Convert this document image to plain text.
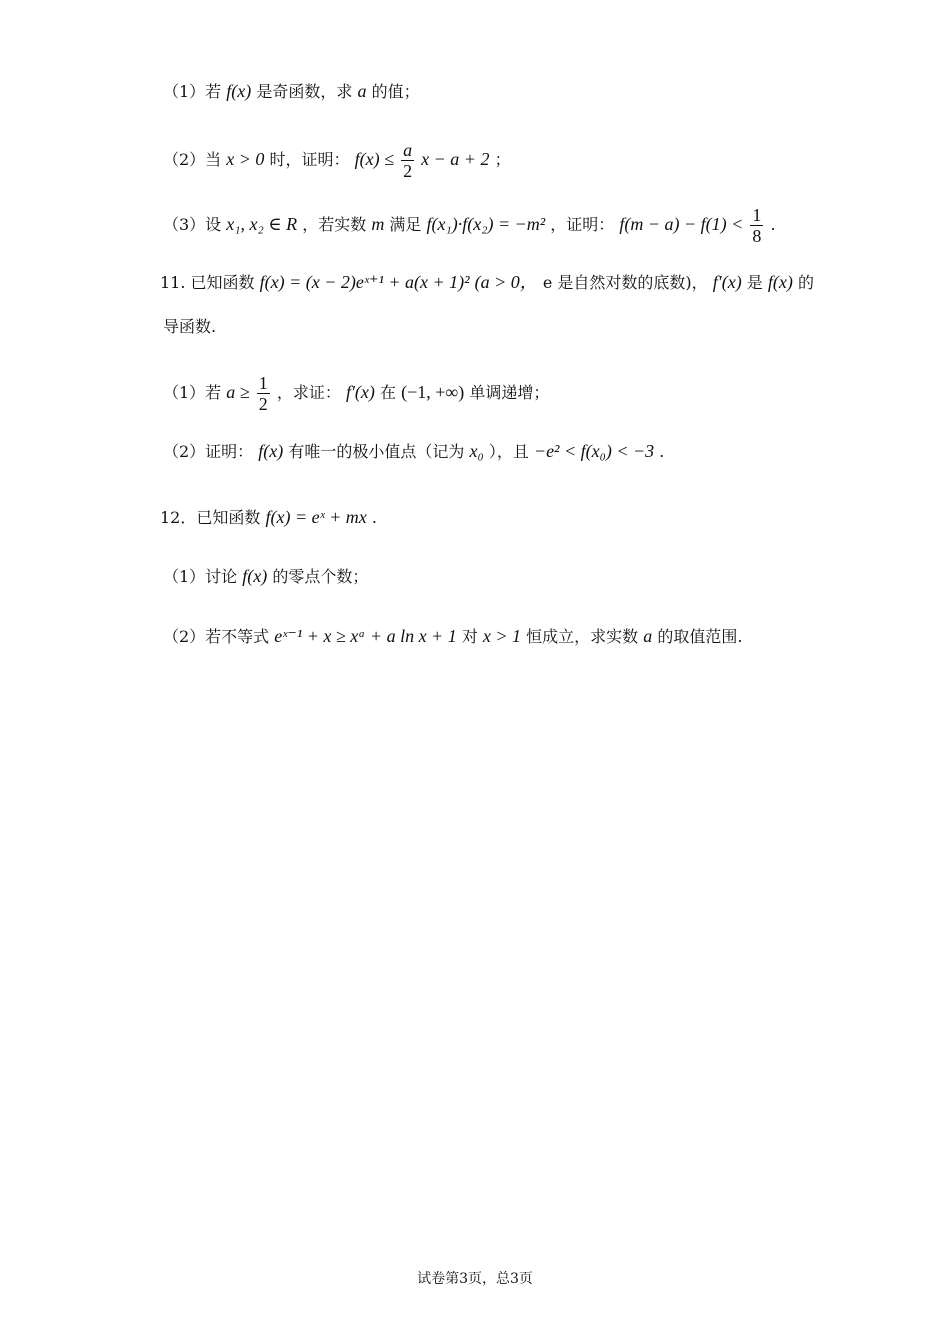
（1）若 f(x) 是奇函数，求 a 的值；
（2）当 x > 0 时，证明： $f(x) \le \frac{a}{2}$ x − a + 2 ；
（3）设 x₁, x₂ ∈ R ，若实数 m 满足 f(x₁)·f(x₂) = −m² ，证明： $f(m - a) - f(1) < \frac{1}{8}$ .
11. 已知函数 f(x) = (x − 2)eˣ⁺¹ + a(x + 1)² (a > 0， e 是自然对数的底数)， f′(x) 是 f(x) 的
导函数.
（1）若 $a \ge \frac{1}{2}$ ，求证： f′(x) 在 (−1, +∞) 单调递增；
（2）证明： f(x) 有唯一的极小值点（记为 x₀ ），且 −e² < f(x₀) < −3 .
12．已知函数 f(x) = eˣ + mx .
（1）讨论 f(x) 的零点个数；
（2）若不等式 eˣ⁻¹ + x ≥ xᵃ + a ln x + 1 对 x > 1 恒成立，求实数 a 的取值范围.
试卷第3页，总3页
